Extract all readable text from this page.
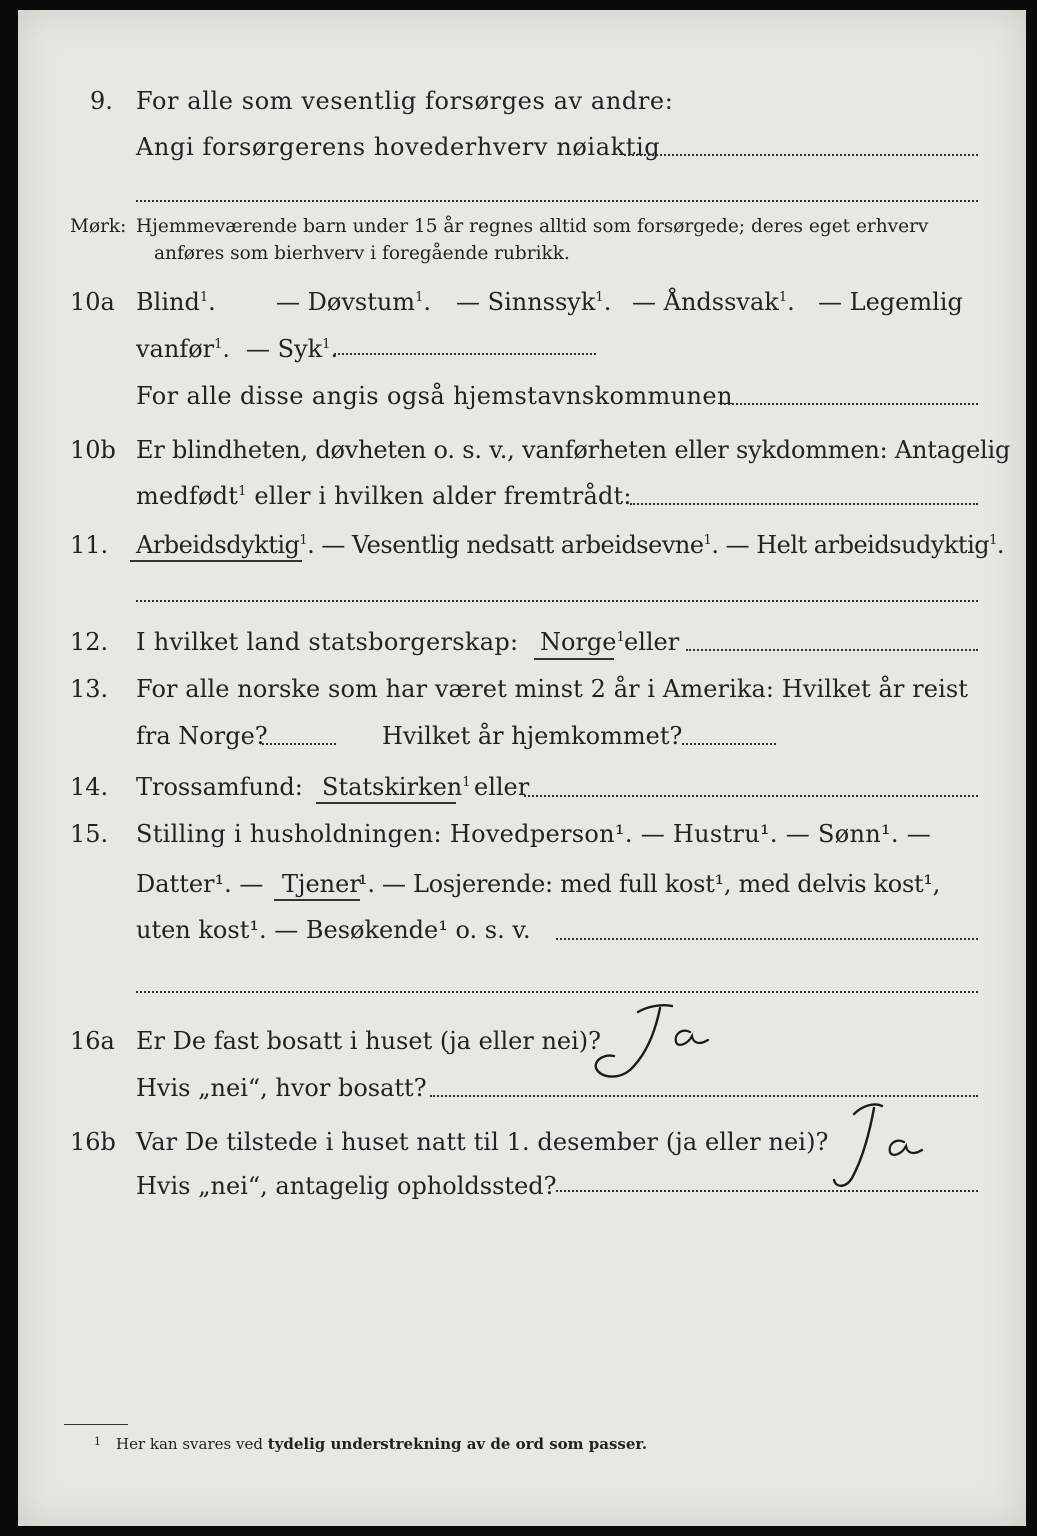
9. For alle som vesentlig forsørges av andre:
Angi forsørgerens hovederhverv nøiaktig
Mørk: Hjemmeværende barn under 15 år regnes alltid som forsørgede; deres eget erhverv
anføres som bierhverv i foregående rubrikk.
10a Blind$^1$.	— Døvstum$^1$. — Sinnssyk$^1$. — Åndssvak$^1$. — Legemlig
vanfør$^1$. — Syk$^1$.
For alle disse angis også hjemstavnskommunen
10b Er blindheten, døvheten o. s. v., vanførheten eller sykdommen: Antagelig
medfødt$^1$ eller i hvilken alder fremtrådt:
11. Arbeidsdyktig$^1$. — Vesentlig nedsatt arbeidsevne$^1$. — Helt arbeidsudyktig$^1$.
12. I hvilket land statsborgerskap: Norge$^1$ eller
13. For alle norske som har været minst 2 år i Amerika: Hvilket år reist
fra Norge?	Hvilket år hjemkommet?
14. Trossamfund: Statskirken$^1$ eller
15. Stilling i husholdningen: Hovedperson¹. — Hustru¹. — Sønn¹. —
Datter¹. — Tjener
¹. — Losjerende: med full kost¹, med delvis kost¹,
uten kost¹. — Besøkende¹ o. s. v.
16a Er De fast bosatt i huset (ja eller nei)?
Hvis „nei“, hvor bosatt?
16b Var De tilstede i huset natt til 1. desember (ja eller nei)?
Hvis „nei“, antagelig opholdssted?
1 Her kan svares ved tydelig understrekning av de ord som passer.
